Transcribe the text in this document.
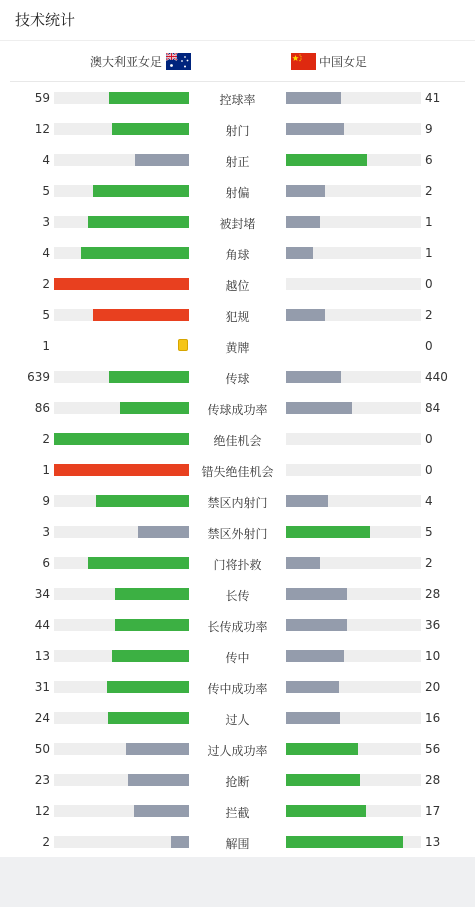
技术统计
澳大利亚女足	中国女足
59	控球率	41
12	射门	9
4	射正	6
5	射偏	2
3	被封堵	1
4	角球	1
2	越位	0
5	犯规	2
1	黄牌	0
639	传球	440
86	传球成功率	84
2	绝佳机会	0
1	错失绝佳机会	0
9	禁区内射门	4
3	禁区外射门	5
6	门将扑救	2
34	长传	28
44	长传成功率	36
13	传中	10
31	传中成功率	20
24	过人	16
50	过人成功率	56
23	抢断	28
12	拦截	17
2	解围	13
